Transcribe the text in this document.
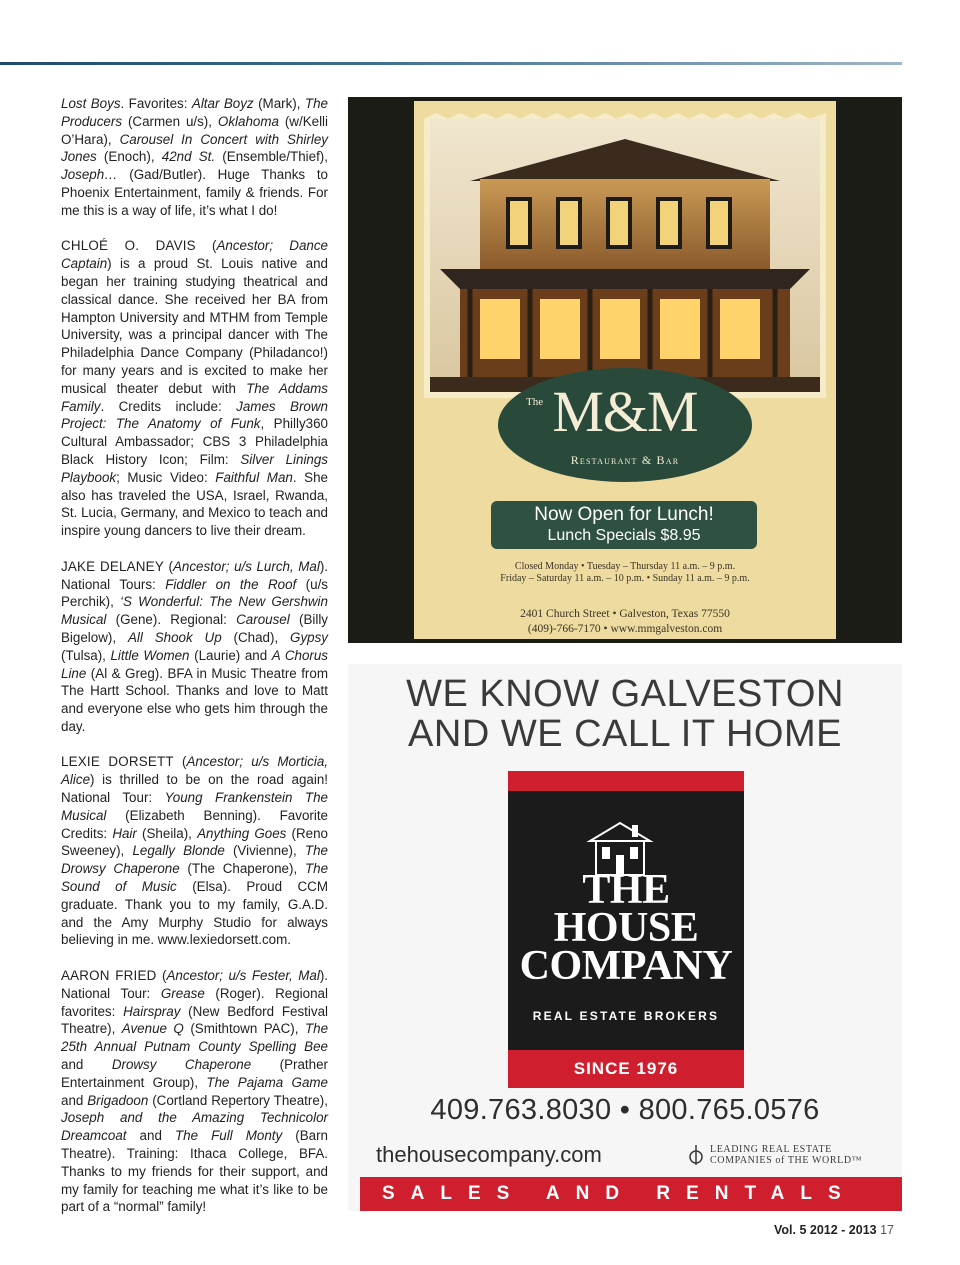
Lost Boys. Favorites: Altar Boyz (Mark), The Producers (Carmen u/s), Oklahoma (w/Kelli O’Hara), Carousel In Concert with Shirley Jones (Enoch), 42nd St. (Ensemble/Thief), Joseph… (Gad/Butler). Huge Thanks to Phoenix Entertainment, family & friends. For me this is a way of life, it’s what I do!

CHLOÉ O. DAVIS (Ancestor; Dance Captain) is a proud St. Louis native and began her training studying theatrical and classical dance. She received her BA from Hampton University and MTHM from Temple University, was a principal dancer with The Philadelphia Dance Company (Philadanco!) for many years and is excited to make her musical theater debut with The Addams Family. Credits include: James Brown Project: The Anatomy of Funk, Philly360 Cultural Ambassador; CBS 3 Philadelphia Black History Icon; Film: Silver Linings Playbook; Music Video: Faithful Man. She also has traveled the USA, Israel, Rwanda, St. Lucia, Germany, and Mexico to teach and inspire young dancers to live their dream.

JAKE DELANEY (Ancestor; u/s Lurch, Mal). National Tours: Fiddler on the Roof (u/s Perchik), ‘S Wonderful: The New Gershwin Musical (Gene). Regional: Carousel (Billy Bigelow), All Shook Up (Chad), Gypsy (Tulsa), Little Women (Laurie) and A Chorus Line (Al & Greg). BFA in Music Theatre from The Hartt School. Thanks and love to Matt and everyone else who gets him through the day.

LEXIE DORSETT (Ancestor; u/s Morticia, Alice) is thrilled to be on the road again! National Tour: Young Frankenstein The Musical (Elizabeth Benning). Favorite Credits: Hair (Sheila), Anything Goes (Reno Sweeney), Legally Blonde (Vivienne), The Drowsy Chaperone (The Chaperone), The Sound of Music (Elsa). Proud CCM graduate. Thank you to my family, G.A.D. and the Amy Murphy Studio for always believing in me. www.lexiedorsett.com.

AARON FRIED (Ancestor; u/s Fester, Mal). National Tour: Grease (Roger). Regional favorites: Hairspray (New Bedford Festival Theatre), Avenue Q (Smithtown PAC), The 25th Annual Putnam County Spelling Bee and Drowsy Chaperone (Prather Entertainment Group), The Pajama Game and Brigadoon (Cortland Repertory Theatre), Joseph and the Amazing Technicolor Dreamcoat and The Full Monty (Barn Theatre). Training: Ithaca College, BFA. Thanks to my friends for their support, and my family for teaching me what it’s like to be part of a “normal” family!

The M&M
Restaurant & Bar
Now Open for Lunch!
Lunch Specials $8.95
Closed Monday • Tuesday – Thursday 11 a.m. – 9 p.m.
Friday – Saturday 11 a.m. – 10 p.m. • Sunday 11 a.m. – 9 p.m.
2401 Church Street • Galveston, Texas 77550
(409)-766-7170 • www.mmgalveston.com
WE KNOW GALVESTON
AND WE CALL IT HOME
THE
HOUSE
COMPANY
REAL ESTATE BROKERS
SINCE 1976
409.763.8030 • 800.765.0576
thehousecompany.com	LEADING REAL ESTATE
COMPANIES of THE WORLD™
SALES AND RENTALS
Vol. 5 2012 - 2013 17
